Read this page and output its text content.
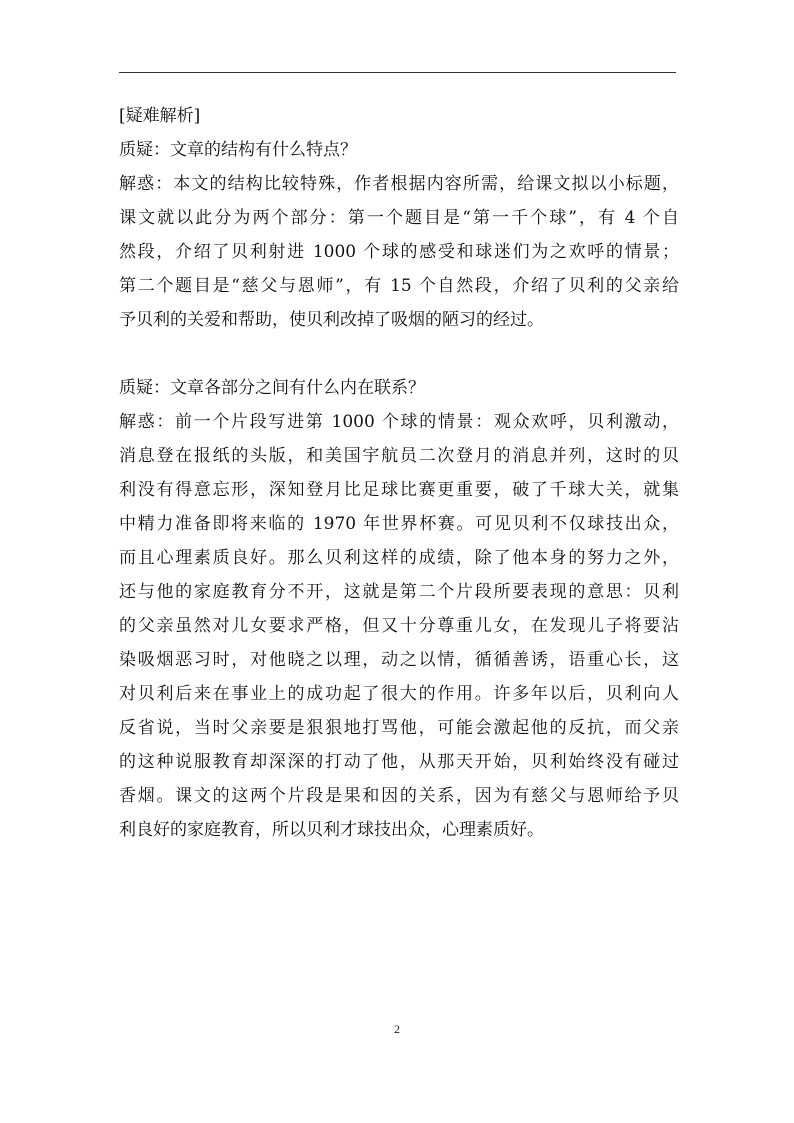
[疑难解析]
质疑：文章的结构有什么特点？
解惑：本文的结构比较特殊，作者根据内容所需，给课文拟以小标题，
课文就以此分为两个部分：第一个题目是“第一千个球”，有 4 个自
然段，介绍了贝利射进 1000 个球的感受和球迷们为之欢呼的情景；
第二个题目是“慈父与恩师”，有 15 个自然段，介绍了贝利的父亲给
予贝利的关爱和帮助，使贝利改掉了吸烟的陋习的经过。
质疑：文章各部分之间有什么内在联系？
解惑：前一个片段写进第 1000 个球的情景：观众欢呼，贝利激动，
消息登在报纸的头版，和美国宇航员二次登月的消息并列，这时的贝
利没有得意忘形，深知登月比足球比赛更重要，破了千球大关，就集
中精力准备即将来临的 1970 年世界杯赛。可见贝利不仅球技出众，
而且心理素质良好。那么贝利这样的成绩，除了他本身的努力之外，
还与他的家庭教育分不开，这就是第二个片段所要表现的意思：贝利
的父亲虽然对儿女要求严格，但又十分尊重儿女，在发现儿子将要沾
染吸烟恶习时，对他晓之以理，动之以情，循循善诱，语重心长，这
对贝利后来在事业上的成功起了很大的作用。许多年以后，贝利向人
反省说，当时父亲要是狠狠地打骂他，可能会激起他的反抗，而父亲
的这种说服教育却深深的打动了他，从那天开始，贝利始终没有碰过
香烟。课文的这两个片段是果和因的关系，因为有慈父与恩师给予贝
利良好的家庭教育，所以贝利才球技出众，心理素质好。
2
